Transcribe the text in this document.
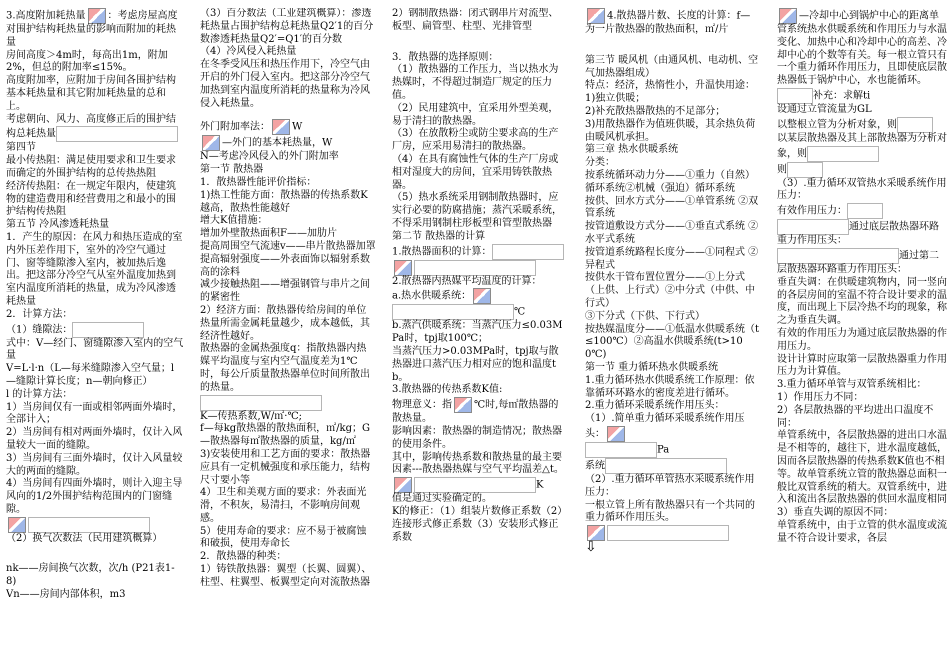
3.高度附加耗热量 ：考虑房屋高度对围护结构耗热量的影响而附加的耗热量
房间高度＞4m时，每高出1m，附加2%，但总的附加率≤15%。
高度附加率，应附加于房间各围护结构基本耗热量和其它附加耗热量的总和上。
考虑朝向、风力、高度修正后的围护结构总耗热量
第四节
最小传热阻：满足使用要求和卫生要求而确定的外围护结构的总传热热阻
经济传热阻：在一规定年限内，使建筑物的建造费用和经营费用之和最小的围护结构传热阻
第五节 冷风渗透耗热量
1．产生的原因：在风力和热压造成的室内外压差作用下，室外的冷空气通过门、窗等缝隙渗入室内，被加热后逸出。把这部分冷空气从室外温度加热到室内温度所消耗的热量，成为冷风渗透耗热量
2．计算方法：
（1）缝隙法：
式中：V—经门、窗缝隙渗入室内的空气量
V=L·l·n（L—每米缝隙渗入空气量；l—缝隙计算长度；n—朝向修正）
l 的计算方法：
1）当房间仅有一面或相邻两面外墙时，全部计入；
2）当房间有相对两面外墙时，仅计入风量较大一面的缝隙。
3）当房间有三面外墙时，仅计入风量较大的两面的缝隙。
4）当房间有四面外墙时，则计入迎主导风向的1/2外围护结构范围内的门窗缝隙。
（2）换气次数法（民用建筑概算）
nk——房间换气次数，次/h (P21表1-8)
Vn——房间内部体积，m3
（3）百分数法（工业建筑概算）：渗透耗热量占围护结构总耗热量Q2′1的百分数渗透耗热量Q2′=Q1′的百分数
（4）冷风侵入耗热量
在冬季受风压和热压作用下，冷空气由开启的外门侵入室内。把这部分冷空气加热到室内温度所消耗的热量称为冷风侵入耗热量。
外门附加率法： W
—外门的基本耗热量，W
N—考虑冷风侵入的外门附加率
第一节 散热器
1．散热器性能评价指标：
1)热工性能方面：散热器的传热系数K越高，散热性能越好
增大K值措施：
增加外壁散热面积F——加肋片
提高周围空气流速v——串片散热器加罩
提高辐射强度——外表面饰以辐射系数高的涂料
减少接触热阻——增强钢管与串片之间的紧密性
2）经济方面：散热器传给房间的单位热量所需金属耗量越少，成本越低，其经济性越好。
散热器的金属热强度q：指散热器内热媒平均温度与室内空气温度差为1℃时，每公斤质量散热器单位时间所散出的热量。
K—传热系数,W/㎡·℃;
f—每kg散热器的散热面积，㎡/kg；G—散热器每㎡散热器的质量，kg/㎡
3)安装使用和工艺方面的要求：散热器应具有一定机械强度和承压能力，结构尺寸要小等
4）卫生和美观方面的要求：外表面光滑，不积灰，易清扫，不影响房间观感。
5）使用寿命的要求：应不易于被腐蚀和破损，使用寿命长
2．散热器的种类：
1）铸铁散热器：翼型（长翼、圆翼）、柱型、柱翼型、板翼型定向对流散热器
2）钢制散热器：闭式钢串片对流型、板型、扁管型、柱型、光排管型
3．散热器的选择原则：
（1）散热器的工作压力，当以热水为热媒时，不得超过制造厂规定的压力值。
（2）民用建筑中，宜采用外型美观，易于清扫的散热器。
（3）在放散粉尘或防尘要求高的生产厂房，应采用易清扫的散热器。
（4）在具有腐蚀性气体的生产厂房或相对湿度大的房间，宜采用铸铁散热器。
（5）热水系统采用钢制散热器时，应实行必要的防腐措施；蒸汽采暖系统，不得采用钢制柱形板型和管型散热器
第二节 散热器的计算
1.散热器面积的计算：
2.散热器内热媒平均温度的计算：
a.热水供暖系统：
℃
b.蒸汽供暖系统：当蒸汽压力≤0.03MPa时，tpj取100℃；
当蒸汽压力>0.03MPa时，tpj取与散热器进口蒸汽压力相对应的饱和温度tb。
3.散热器的传热系数K值:
物理意义：指 ℃时,每㎡散热器的散热量。
影响因素：散热器的制造情况；散热器的使用条件。
其中，影响传热系数和散热量的最主要因素---散热器热媒与空气平均温差△t。
K
值是通过实验确定的。
K的修正：（1）组装片数修正系数（2）连接形式修正系数（3）安装形式修正系数
4.散热器片数、长度的计算：f—为一片散热器的散热面积，㎡/片
第三节 暖风机（由通风机、电动机、空气加热器组成）
特点：经济，热惰性小，升温快用途：1)独立供暖；
2)补充散热器散热的不足部分；
3)用散热器作为值班供暖，其余热负荷由暖风机承担。
第三章 热水供暖系统
分类：
按系统循环动力分——①重力（自然）循环系统②机械（强迫）循环系统
按供、回水方式分——①单管系统 ②双管系统
按管道敷设方式分——①垂直式系统 ②水平式系统
按管道系统路程长度分——①同程式 ②异程式
按供水干管布置位置分——①上分式（上供、上行式）②中分式（中供、中行式）
③下分式（下供、下行式）
按热媒温度分——①低温水供暖系统（t≤100℃）②高温水供暖系统(t>100℃)
第一节 重力循环热水供暖系统
1.重力循环热水供暖系统工作原理：依靠循环环路水的密度差进行循环。
2.重力循环采暖系统作用压头：
（1）.简单重力循环采暖系统作用压头：
Pa
系统
（2）.重力循环单管热水采暖系统作用压力：
一根立管上所有散热器只有一个共同的重力循环作用压头。
⇩
—冷却中心到锅炉中心的距离单管系统热水供暖系统和作用压力与水温变化、加热中心和冷却中心的高差、冷却中心的个数等有关。每一根立管只有一个重力循环作用压力，且即使底层散热器低于锅炉中心，水也能循环。
补充：求解ti
设通过立管流量为GL
以整根立管为分析对象，则
以某层散热器及其上部散热器为分析对象，则
则
（3）.重力循环双管热水采暖系统作用压力：
有效作用压力：
通过底层散热器环路重力作用压头：
通过第二层散热器环路重力作用压头：
垂直失调：在供暖建筑物内，同一竖向的各层房间的室温不符合设计要求的温度，而出现上下层冷热不均的现象，称之为垂直失调。
有效的作用压力为通过底层散热器的作用压力。
设计计算时应取第一层散热器重力作用压力为计算值。
3.重力循环单管与双管系统相比：
1）作用压力不同：
2）各层散热器的平均进出口温度不同：
单管系统中，各层散热器的进出口水温是不相等的，越往下，进水温度越低，因而各层散热器的传热系数K值也不相等。故单管系统立管的散热器总面积一般比双管系统的稍大。双管系统中，进入和流出各层散热器的供回水温度相同
3）垂直失调的原因不同：
单管系统中，由于立管的供水温度或流量不符合设计要求，各层
